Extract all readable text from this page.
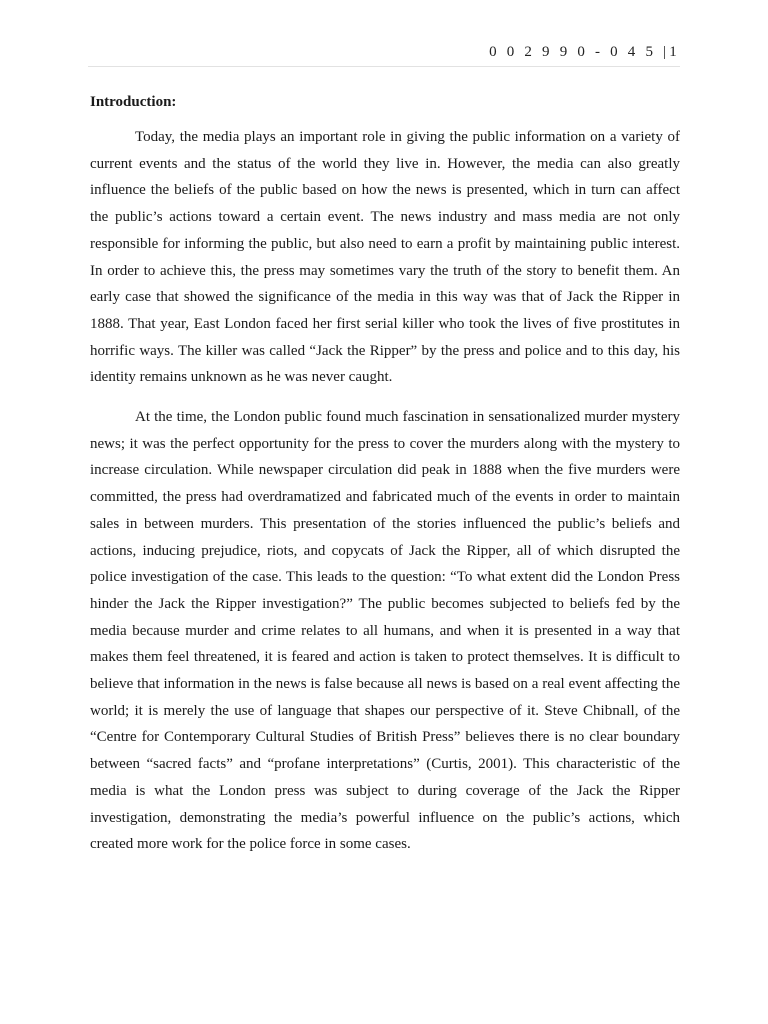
0 0 2 9 9 0 - 0 4 5 |1
Introduction:

Today, the media plays an important role in giving the public information on a variety of current events and the status of the world they live in. However, the media can also greatly influence the beliefs of the public based on how the news is presented, which in turn can affect the public’s actions toward a certain event. The news industry and mass media are not only responsible for informing the public, but also need to earn a profit by maintaining public interest. In order to achieve this, the press may sometimes vary the truth of the story to benefit them. An early case that showed the significance of the media in this way was that of Jack the Ripper in 1888. That year, East London faced her first serial killer who took the lives of five prostitutes in horrific ways. The killer was called “Jack the Ripper” by the press and police and to this day, his identity remains unknown as he was never caught.

At the time, the London public found much fascination in sensationalized murder mystery news; it was the perfect opportunity for the press to cover the murders along with the mystery to increase circulation. While newspaper circulation did peak in 1888 when the five murders were committed, the press had overdramatized and fabricated much of the events in order to maintain sales in between murders. This presentation of the stories influenced the public’s beliefs and actions, inducing prejudice, riots, and copycats of Jack the Ripper, all of which disrupted the police investigation of the case. This leads to the question: “To what extent did the London Press hinder the Jack the Ripper investigation?” The public becomes subjected to beliefs fed by the media because murder and crime relates to all humans, and when it is presented in a way that makes them feel threatened, it is feared and action is taken to protect themselves. It is difficult to believe that information in the news is false because all news is based on a real event affecting the world; it is merely the use of language that shapes our perspective of it. Steve Chibnall, of the “Centre for Contemporary Cultural Studies of British Press” believes there is no clear boundary between “sacred facts” and “profane interpretations” (Curtis, 2001). This characteristic of the media is what the London press was subject to during coverage of the Jack the Ripper investigation, demonstrating the media’s powerful influence on the public’s actions, which created more work for the police force in some cases.
